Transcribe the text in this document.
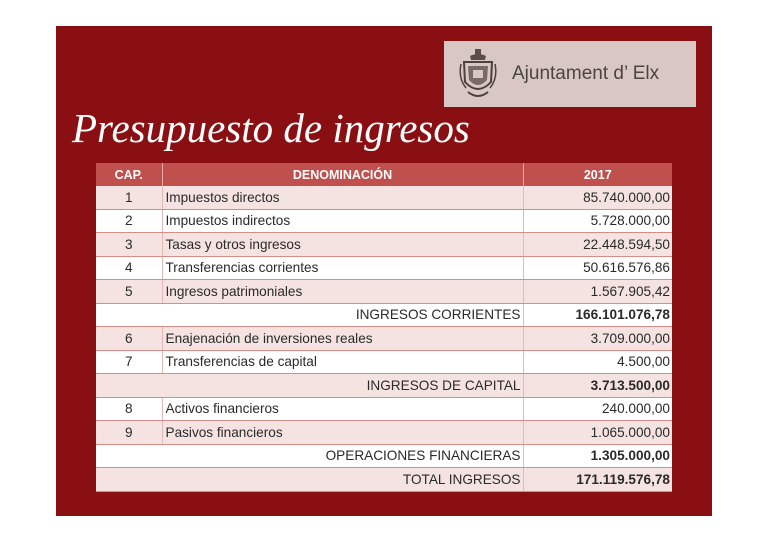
Ajuntament d’ Elx
Presupuesto de ingresos
CAP.	DENOMINACIÓN	2017
1	Impuestos directos	85.740.000,00
2	Impuestos indirectos	5.728.000,00
3	Tasas y otros ingresos	22.448.594,50
4	Transferencias corrientes	50.616.576,86
5	Ingresos patrimoniales	1.567.905,42
INGRESOS CORRIENTES		166.101.076,78
6	Enajenación de inversiones reales	3.709.000,00
7	Transferencias de capital	4.500,00
INGRESOS DE CAPITAL		3.713.500,00
8	Activos financieros	240.000,00
9	Pasivos financieros	1.065.000,00
OPERACIONES FINANCIERAS		1.305.000,00
TOTAL INGRESOS		171.119.576,78
